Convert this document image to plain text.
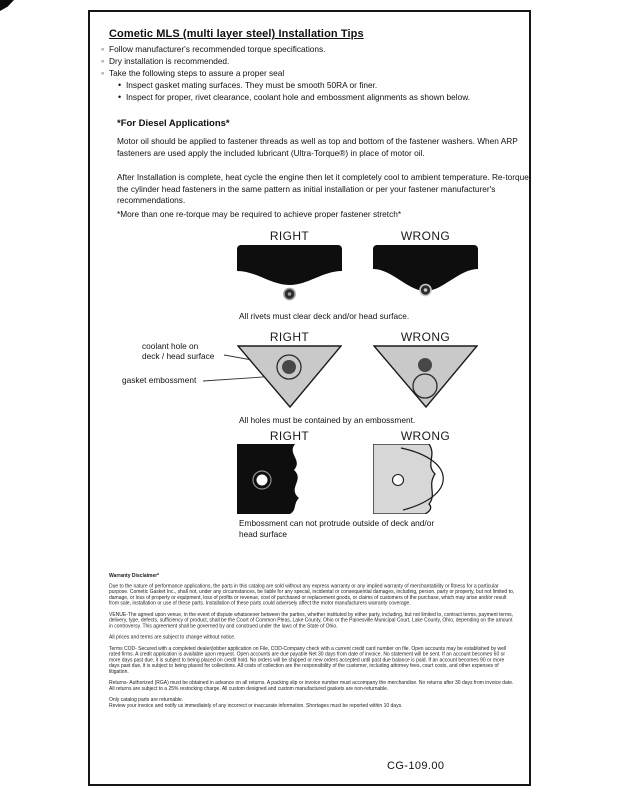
Cometic MLS (multi layer steel) Installation Tips
◦ Follow manufacturer's recommended torque specifications.
◦ Dry installation is recommended.
◦ Take the following steps to assure a proper seal
• Inspect gasket mating surfaces. They must be smooth 50RA or finer.
• Inspect for proper, rivet clearance, coolant hole and embossment alignments as shown below.
*For Diesel Applications*

Motor oil should be applied to fastener threads as well as top and bottom of the fastener washers. When ARP fasteners are used apply the included lubricant (Ultra-Torque®) in place of motor oil.

After Installation is complete, heat cycle the engine then let it completely cool to ambient temperature. Re-torque the cylinder head fasteners in the same pattern as initial installation or per your fastener manufacturer's recommendations.

*More than one re-torque may be required to achieve proper fastener stretch*
RIGHT	WRONG
All rivets must clear deck and/or head surface.
RIGHT	WRONG
coolant hole on
deck / head surface
gasket embossment
All holes must be contained by an embossment.
RIGHT	WRONG
Embossment can not protrude outside of deck and/or head surface
Warranty Disclaimer*

Due to the nature of performance applications, the parts in this catalog are sold without any express warranty or any implied warranty of merchantability or fitness for a particular purpose. Cometic Gasket Inc., shall not, under any circumstances, be liable for any special, incidental or consequential damages, including, person, party or property, but not limited to, damage, or loss of property or equipment, loss of profits or revenue, cost of purchased or replacement goods, or claims of customers of the purchase, which may arise and/or result from sale, installation or use of these parts. Installation of these parts could adversely affect the motor manufacturers warranty coverage.

VENUE-The agreed upon venue, in the event of dispute whatsoever between the parties, whether instituted by either party, including, but not limited to, contract terms, payment terms, delivery, type, defects, sufficiency of product, shall be the Court of Common Pleas, Lake County, Ohio or the Painesville Municipal Court, Lake County, Ohio, depending on the amount in controversy. This agreement shall be governed by and construed under the laws of the State of Ohio.

All prices and terms are subject to change without notice.

Terms COD- Secured with a completed dealer/jobber application on File, COD-Company check with a current credit card number on file. Open accounts may be established by well rated firms. A credit application is available upon request. Open accounts are due payable Net 30 days from date of invoice. No statement will be sent. If an account becomes 60 or more days past due, it is subject to being placed on credit hold. No orders will be shipped or new orders accepted until past due balance is paid. If an account becomes 90 or more days past due, it is subject to being placed for collections. All costs of collection are the responsibility of the customer, including attorney fees, court costs, and other expenses of litigation.

Returns- Authorized (RGA) must be obtained in advance on all returns. A packing slip or invoice number must accompany the merchandise. No returns after 30 days from invoice date. All returns are subject to a 25% restocking charge. All custom designed and custom manufactured gaskets are non-returnable.

Only catalog parts are returnable.

Review your invoice and notify us immediately of any incorrect or inaccurate information. Shortages must be reported within 10 days.

CG-109.00
